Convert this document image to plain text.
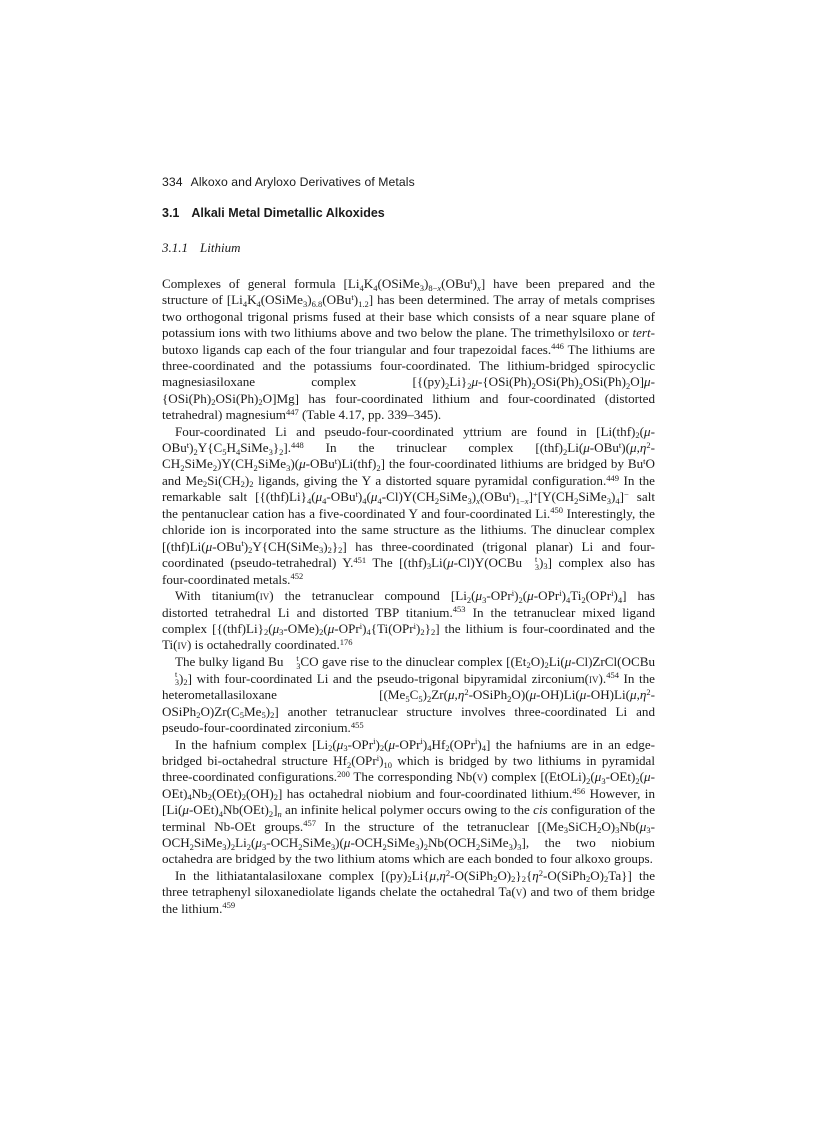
334 Alkoxo and Aryloxo Derivatives of Metals
3.1 Alkali Metal Dimetallic Alkoxides
3.1.1 Lithium

Complexes of general formula $[Li_4K_4(OSiMe_3)_{8-x}(OBu^t)_x]$ have been prepared and the structure of $[Li_4K_4(OSiMe_3)_{6.8}(OBu^t)_{1.2}]$ has been determined. The array of metals comprises two orthogonal trigonal prisms fused at their base which consists of a near square plane of potassium ions with two lithiums above and two below the plane. The trimethylsiloxo or tert-butoxo ligands cap each of the four triangular and four trapezoidal faces.$^{446}$ The lithiums are three-coordinated and the potassiums four-coordinated. The lithium-bridged spirocyclic magnesiasiloxane complex $[\{(py)_2Li\}_2\mu-\{OSi(Ph)_2OSi(Ph)_2OSi(Ph)_2O]\mu-\{OSi(Ph)_2OSi(Ph)_2O]Mg]$ has four-coordinated lithium and four-coordinated (distorted tetrahedral) magnesium$^{447}$ (Table 4.17, pp. 339–345).

Four-coordinated Li and pseudo-four-coordinated yttrium are found in $[Li(thf)_2(\mu-OBu^t)_2Y\{C_5H_4SiMe_3\}_2].^{448}$ In the trinuclear complex $[(thf)_2Li(\mu-OBu^t)(\mu,\eta^2-CH_2SiMe_2)Y(CH_2SiMe_3)(\mu-OBu^t)Li(thf)_2]$ the four-coordinated lithiums are bridged by Bu$^t$O and $Me_2Si(CH_2)_2$ ligands, giving the Y a distorted square pyramidal configuration.$^{449}$ In the remarkable salt $[\{(thf)Li\}_4(\mu_4-OBu^t)_4(\mu_4-Cl)Y(CH_2SiMe_3)_x(OBu^t)_{1-x}]^+[Y(CH_2SiMe_3)_4]^-$ salt the pentanuclear cation has a five-coordinated Y and four-coordinated Li.$^{450}$ Interestingly, the chloride ion is incorporated into the same structure as the lithiums. The dinuclear complex $[(thf)Li(\mu-OBu^t)_2Y\{CH(SiMe_3)_2\}_2]$ has three-coordinated (trigonal planar) Li and four-coordinated (pseudo-tetrahedral) Y.$^{451}$ The [$(thf)_3Li(\mu-Cl)Y(OCBu$	t
3 )$_3$] complex also has four-coordinated metals.$^{452}$

With titanium(iv) the tetranuclear compound $[Li_2(\mu_3-OPr^i)_2(\mu-OPr^i)_4Ti_2(OPr^i)_4]$ has distorted tetrahedral Li and distorted TBP titanium.$^{453}$ In the tetranuclear mixed ligand complex $[\{(thf)Li\}_2(\mu_3-OMe)_2(\mu-OPr^i)_4\{Ti(OPr^i)_2\}_2]$ the lithium is four-coordinated and the Ti(iv) is octahedrally coordinated.$^{176}$

The bulky ligand Bu	t
3 CO gave rise to the dinuclear complex [$(Et_2O)_2Li(\mu-Cl)ZrCl(OCBu$
t
3 )$_2$] with four-coordinated Li and the pseudo-trigonal bipyramidal zirconium(iv).$^{454}$ In the heterometallasiloxane $[(Me_5C_5)_2Zr(\mu,\eta^2-OSiPh_2O)(\mu-OH)Li(\mu-OH)Li(\mu,\eta^2-OSiPh_2O)Zr(C_5Me_5)_2]$ another tetranuclear structure involves three-coordinated Li and pseudo-four-coordinated zirconium.$^{455}$

In the hafnium complex $[Li_2(\mu_3-OPr^i)_2(\mu-OPr^i)_4Hf_2(OPr^i)_4]$ the hafniums are in an edge-bridged bi-octahedral structure $Hf_2(OPr^i)_{10}$ which is bridged by two lithiums in pyramidal three-coordinated configurations.$^{200}$ The corresponding Nb(v) complex $[(EtOLi)_2(\mu_3-OEt)_2(\mu-OEt)_4Nb_2(OEt)_2(OH)_2]$ has octahedral niobium and four-coordinated lithium.$^{456}$ However, in $[Li(\mu-OEt)_4Nb(OEt)_2]_n$ an infinite helical polymer occurs owing to the cis configuration of the terminal Nb-OEt groups.$^{457}$ In the structure of the tetranuclear $[(Me_3SiCH_2O)_3Nb(\mu_3-OCH_2SiMe_3)_2Li_2(\mu_3-OCH_2SiMe_3)(\mu-OCH_2SiMe_3)_2Nb(OCH_2SiMe_3)_3]$, the two niobium octahedra are bridged by the two lithium atoms which are each bonded to four alkoxo groups.

In the lithiatantalasiloxane complex $[(py)_2Li\{\mu,\eta^2-O(SiPh_2O)_2\}_2\{\eta^2-O(SiPh_2O)_2Ta\}]$ the three tetraphenyl siloxanediolate ligands chelate the octahedral Ta(v) and two of them bridge the lithium.$^{459}$
